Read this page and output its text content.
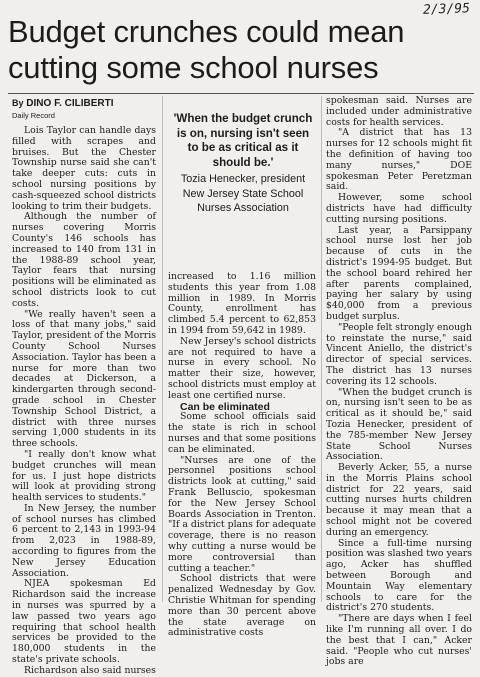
2/3/95
Budget crunches could mean cutting some school nurses
By DINO F. CILIBERTI
Daily Record

Lois Taylor can handle days filled with scrapes and bruises. But the Chester Township nurse said she can't take deeper cuts: cuts in school nursing positions by cash-squeezed school districts looking to trim their budgets.

Although the number of nurses covering Morris County's 146 schools has increased to 140 from 131 in the 1988-89 school year, Taylor fears that nursing positions will be eliminated as school districts look to cut costs.

"We really haven't seen a loss of that many jobs," said Taylor, president of the Morris County School Nurses Association. Taylor has been a nurse for more than two decades at Dickerson, a kindergarten through second-grade school in Chester Township School District, a district with three nurses serving 1,000 students in its three schools.

"I really don't know what budget crunches will mean for us. I just hope districts will look at providing strong health services to students."

In New Jersey, the number of school nurses has climbed 6 percent to 2,143 in 1993-94 from 2,023 in 1988-89, according to figures from the New Jersey Education Association.

NJEA spokesman Ed Richardson said the increase in nurses was spurred by a law passed two years ago requiring that school health services be provided to the 180,000 students in the state's private schools.

Richardson also said nurses

'When the budget crunch is on, nursing isn't seen to be as critical as it should be.'
Tozia Henecker, president New Jersey State School Nurses Association

increased to 1.16 million students this year from 1.08 million in 1989. In Morris County, enrollment has climbed 5.4 percent to 62,853 in 1994 from 59,642 in 1989.

New Jersey's school districts are not required to have a nurse in every school. No matter their size, however, school districts must employ at least one certified nurse.

Can be eliminated

Some school officials said the state is rich in school nurses and that some positions can be eliminated.

"Nurses are one of the personnel positions school districts look at cutting," said Frank Belluscio, spokesman for the New Jersey School Boards Association in Trenton. "If a district plans for adequate coverage, there is no reason why cutting a nurse would be more controversial than cutting a teacher."

School districts that were penalized Wednesday by Gov. Christie Whitman for spending more than 30 percent above the state average on administrative costs

spokesman said. Nurses are included under administrative costs for health services.

"A district that has 13 nurses for 12 schools might fit the definition of having too many nurses," DOE spokesman Peter Peretzman said.

However, some school districts have had difficulty cutting nursing positions.

Last year, a Parsippany school nurse lost her job because of cuts in the district's 1994-95 budget. But the school board rehired her after parents complained, paying her salary by using $40,000 from a previous budget surplus.

"People felt strongly enough to reinstate the nurse," said Vincent Aniello, the district's director of special services. The district has 13 nurses covering its 12 schools.

"When the budget crunch is on, nursing isn't seen to be as critical as it should be," said Tozia Henecker, president of the 785-member New Jersey State School Nurses Association.

Beverly Acker, 55, a nurse in the Morris Plains school district for 22 years, said cutting nurses hurts children because it may mean that a school might not be covered during an emergency.

Since a full-time nursing position was slashed two years ago, Acker has shuffled between Borough and Mountain Way elementary schools to care for the district's 270 students.

"There are days when I feel like I'm running all over. I do the best that I can," Acker said. "People who cut nurses' jobs are
